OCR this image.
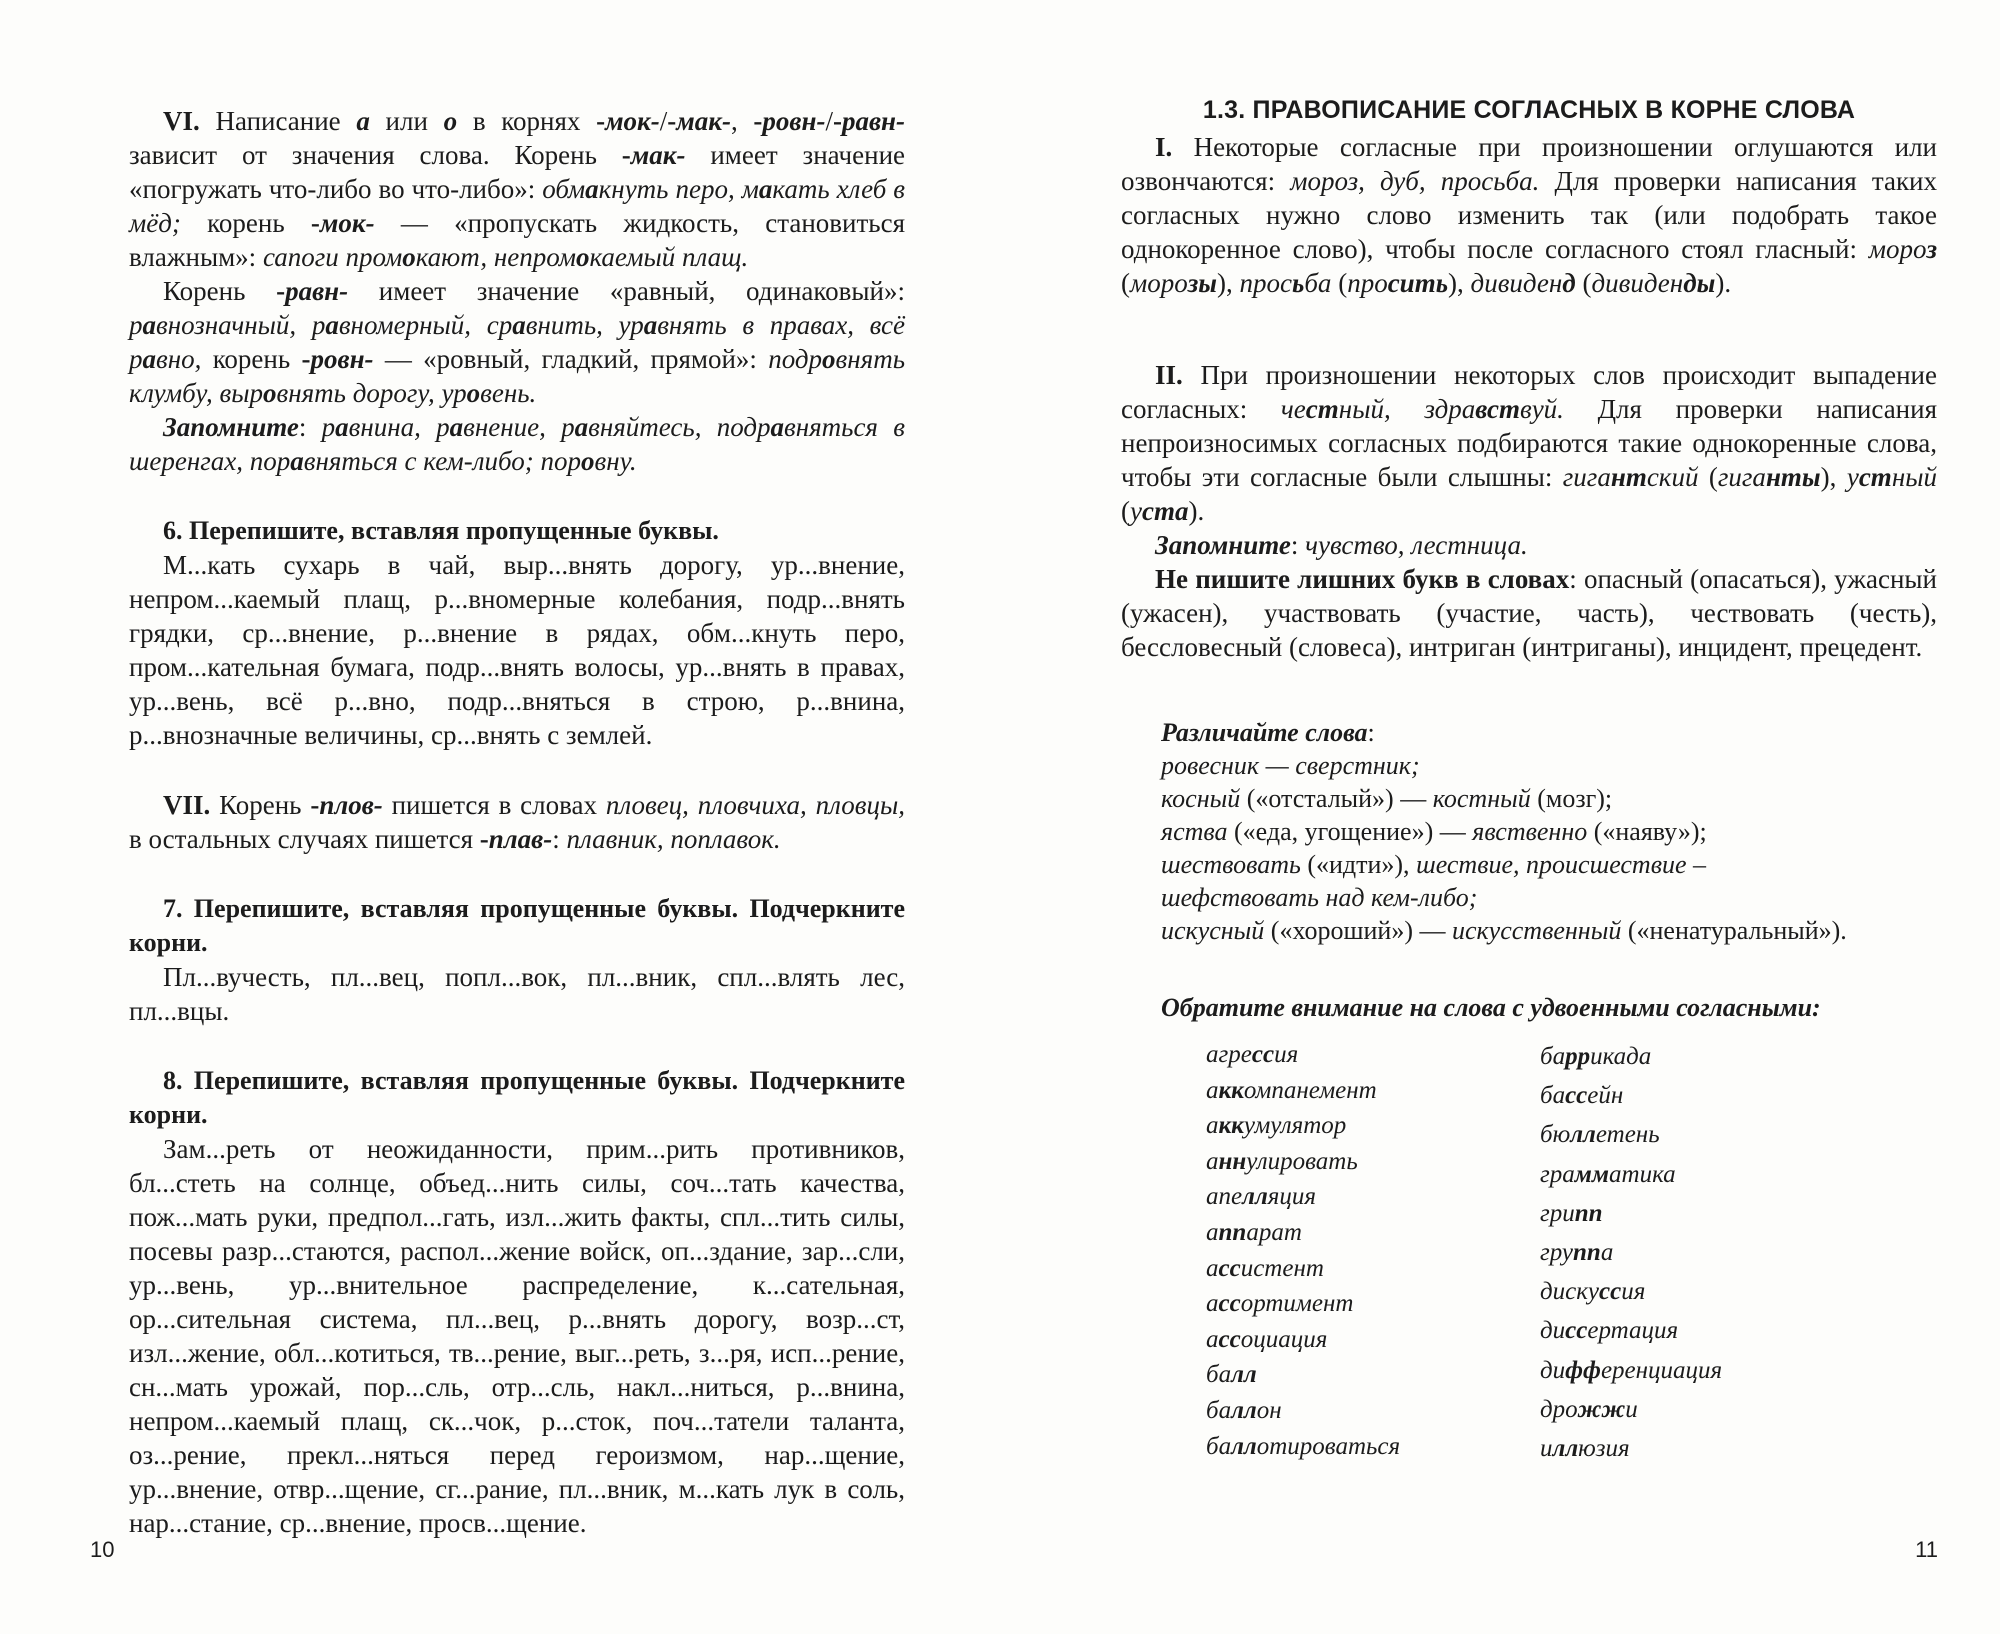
VI. Написание а или о в корнях -мок-/-мак-, -ровн-/-равн- зависит от значения слова. Корень -мак- имеет значение «погружать что-либо во что-либо»: обмакнуть перо, макать хлеб в мёд; корень -мок- — «пропускать жидкость, становиться влажным»: сапоги промокают, непромокаемый плащ.

Корень -равн- имеет значение «равный, одинаковый»: равнозначный, равномерный, сравнить, уравнять в правах, всё равно, корень -ровн- — «ровный, гладкий, прямой»: подровнять клумбу, выровнять дорогу, уровень.

Запомните: равнина, равнение, равняйтесь, подравняться в шеренгах, поравняться с кем-либо; поровну.

6. Перепишите, вставляя пропущенные буквы.

М...кать сухарь в чай, выр...внять дорогу, ур...внение, непром...каемый плащ, р...вномерные колебания, подр...внять грядки, ср...внение, р...внение в рядах, обм...кнуть перо, пром...кательная бумага, подр...внять волосы, ур...внять в правах, ур...вень, всё р...вно, подр...вняться в строю, р...внина, р...внозначные величины, ср...внять с землей.

VII. Корень -плов- пишется в словах пловец, пловчиха, пловцы, в остальных случаях пишется -плав-: плавник, поплавок.

7. Перепишите, вставляя пропущенные буквы. Подчеркните корни.

Пл...вучесть, пл...вец, попл...вок, пл...вник, спл...влять лес, пл...вцы.

8. Перепишите, вставляя пропущенные буквы. Подчеркните корни.

Зам...реть от неожиданности, прим...рить противников, бл...стеть на солнце, объед...нить силы, соч...тать качества, пож...мать руки, предпол...гать, изл...жить факты, спл...тить силы, посевы разр...стаются, распол...жение войск, оп...здание, зар...сли, ур...вень, ур...внительное распределение, к...сательная, ор...сительная система, пл...вец, р...внять дорогу, возр...ст, изл...жение, обл...котиться, тв...рение, выг...реть, з...ря, исп...рение, сн...мать урожай, пор...сль, отр...сль, накл...ниться, р...внина, непром...каемый плащ, ск...чок, р...сток, поч...татели таланта, оз...рение, прекл...няться перед героизмом, нар...щение, ур...внение, отвр...щение, сг...рание, пл...вник, м...кать лук в соль, нар...стание, ср...внение, просв...щение.

10
1.3. ПРАВОПИСАНИЕ СОГЛАСНЫХ В КОРНЕ СЛОВА

I. Некоторые согласные при произношении оглушаются или озвончаются: мороз, дуб, просьба. Для проверки написания таких согласных нужно слово изменить так (или подобрать такое однокоренное слово), чтобы после согласного стоял гласный: мороз (морозы), просьба (просить), дивиденд (дивиденды).

II. При произношении некоторых слов происходит выпадение согласных: честный, здравствуй. Для проверки написания непроизносимых согласных подбираются такие однокоренные слова, чтобы эти согласные были слышны: гигантский (гиганты), устный (уста).

Запомните: чувство, лестница.

Не пишите лишних букв в словах: опасный (опасаться), ужасный (ужасен), участвовать (участие, часть), чествовать (честь), бессловесный (словеса), интриган (интриганы), инцидент, прецедент.

Различайте слова:
ровесник — сверстник;
косный («отсталый») — костный (мозг);
яства («еда, угощение») — явственно («наяву»);
шествовать («идти»), шествие, происшествие –
шефствовать над кем-либо;
искусный («хороший») — искусственный («ненатуральный»).
Обратите внимание на слова с удвоенными согласными:
агрессия
аккомпанемент
аккумулятор
аннулировать
апелляция
аппарат
ассистент
ассортимент
ассоциация
балл
баллон
баллотироваться
баррикада
бассейн
бюллетень
грамматика
грипп
группа
дискуссия
диссертация
дифференциация
дрожжи
иллюзия
11
